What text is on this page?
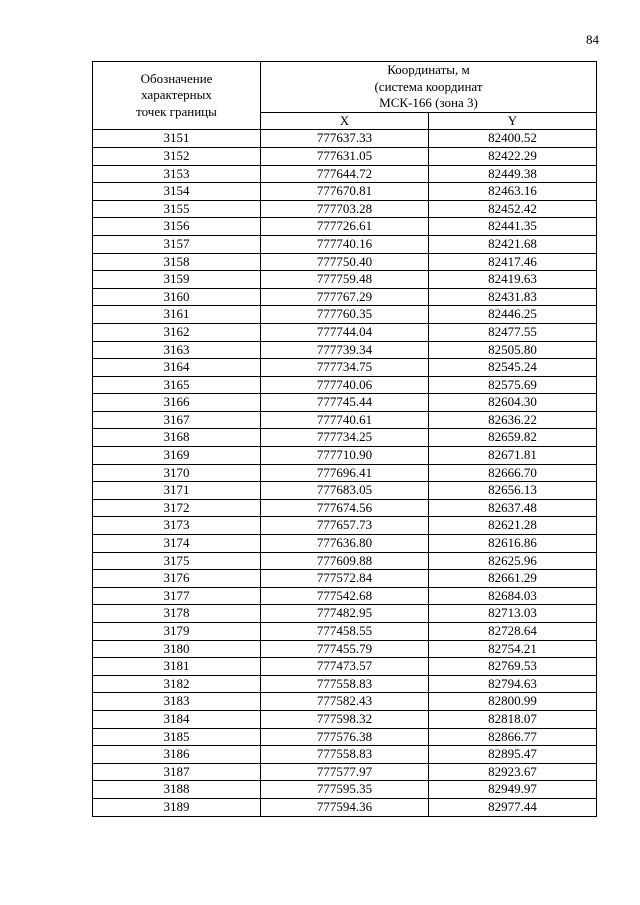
84
Обозначение
характерных
точек границы	Координаты, м
(система координат
МСК-166 (зона 3)	
	X	Y
3151	777637.33	82400.52
3152	777631.05	82422.29
3153	777644.72	82449.38
3154	777670.81	82463.16
3155	777703.28	82452.42
3156	777726.61	82441.35
3157	777740.16	82421.68
3158	777750.40	82417.46
3159	777759.48	82419.63
3160	777767.29	82431.83
3161	777760.35	82446.25
3162	777744.04	82477.55
3163	777739.34	82505.80
3164	777734.75	82545.24
3165	777740.06	82575.69
3166	777745.44	82604.30
3167	777740.61	82636.22
3168	777734.25	82659.82
3169	777710.90	82671.81
3170	777696.41	82666.70
3171	777683.05	82656.13
3172	777674.56	82637.48
3173	777657.73	82621.28
3174	777636.80	82616.86
3175	777609.88	82625.96
3176	777572.84	82661.29
3177	777542.68	82684.03
3178	777482.95	82713.03
3179	777458.55	82728.64
3180	777455.79	82754.21
3181	777473.57	82769.53
3182	777558.83	82794.63
3183	777582.43	82800.99
3184	777598.32	82818.07
3185	777576.38	82866.77
3186	777558.83	82895.47
3187	777577.97	82923.67
3188	777595.35	82949.97
3189	777594.36	82977.44
